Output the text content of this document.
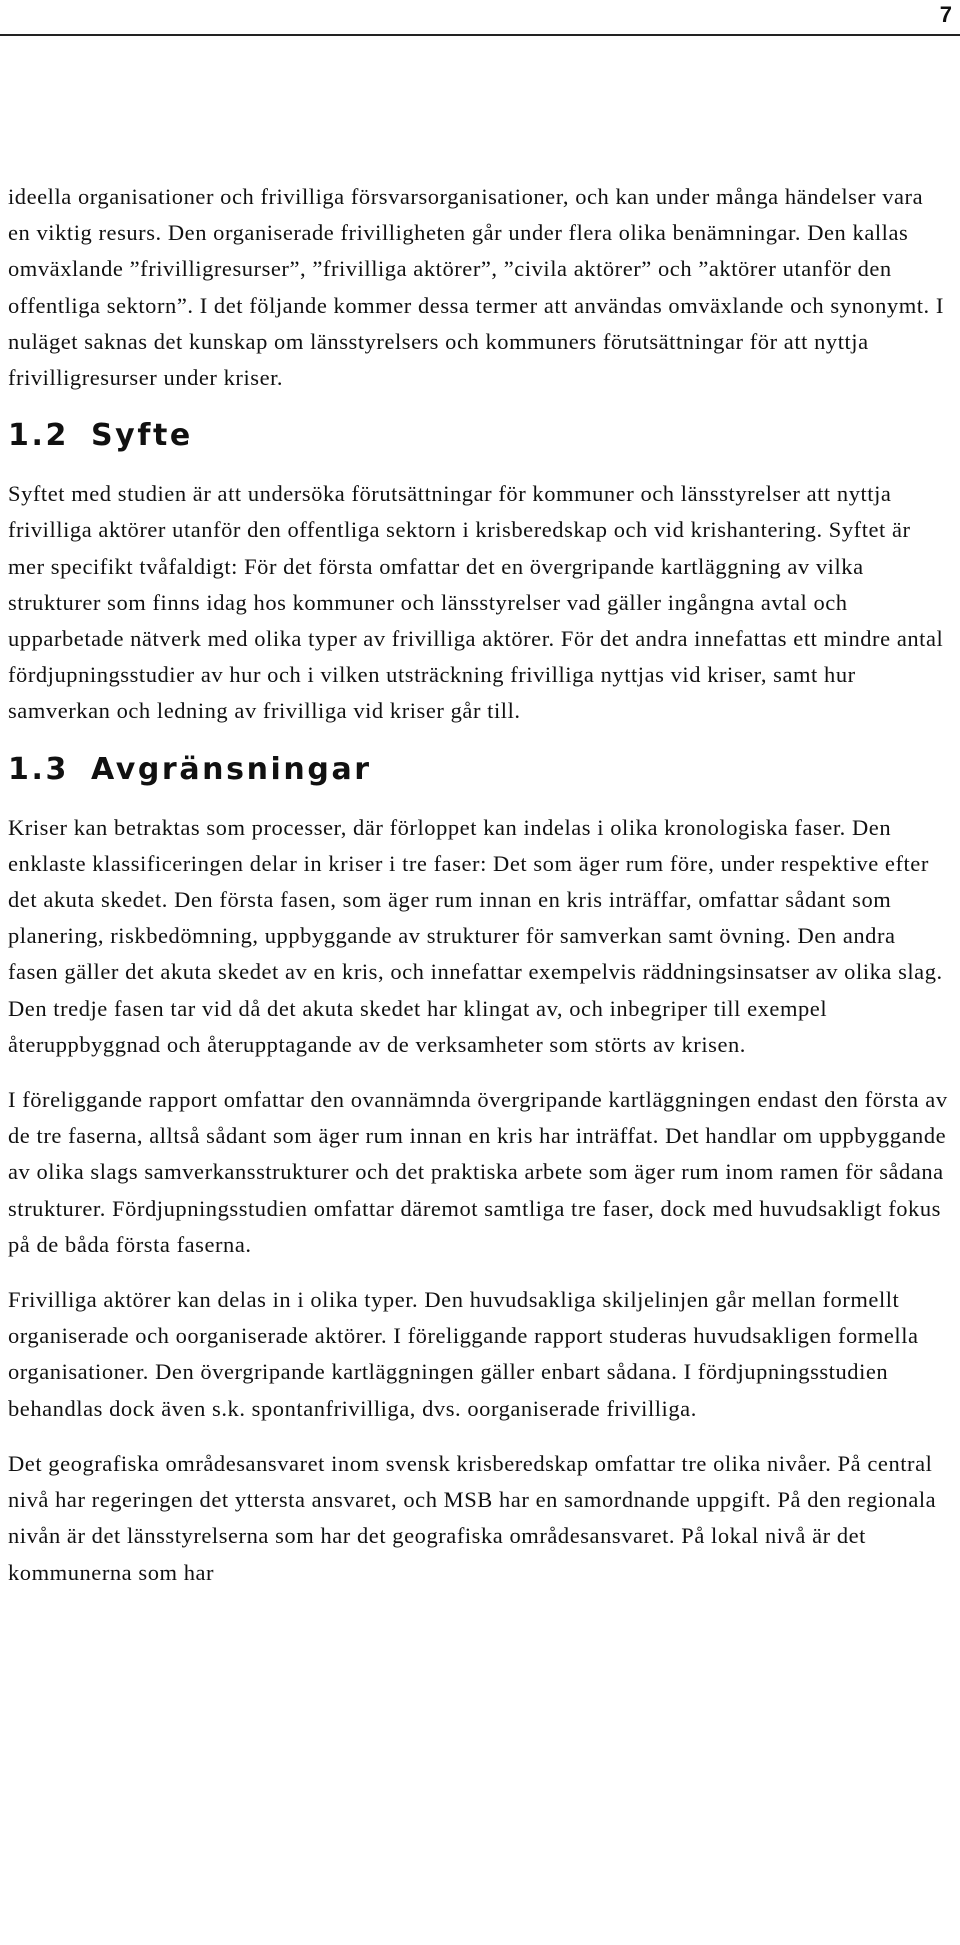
7

ideella organisationer och frivilliga försvarsorganisationer, och kan under många händelser vara en viktig resurs. Den organiserade frivilligheten går under flera olika benämningar. Den kallas omväxlande ”frivilligresurser”, ”frivilliga aktörer”, ”civila aktörer” och ”aktörer utanför den offentliga sektorn”. I det följande kommer dessa termer att användas omväxlande och synonymt. I nuläget saknas det kunskap om länsstyrelsers och kommuners förutsättningar för att nyttja frivilligresurser under kriser.

1.2 Syfte

Syftet med studien är att undersöka förutsättningar för kommuner och länsstyrelser att nyttja frivilliga aktörer utanför den offentliga sektorn i krisberedskap och vid krishantering. Syftet är mer specifikt tvåfaldigt: För det första omfattar det en övergripande kartläggning av vilka strukturer som finns idag hos kommuner och länsstyrelser vad gäller ingångna avtal och upparbetade nätverk med olika typer av frivilliga aktörer. För det andra innefattas ett mindre antal fördjupningsstudier av hur och i vilken utsträckning frivilliga nyttjas vid kriser, samt hur samverkan och ledning av frivilliga vid kriser går till.

1.3 Avgränsningar

Kriser kan betraktas som processer, där förloppet kan indelas i olika kronologiska faser. Den enklaste klassificeringen delar in kriser i tre faser: Det som äger rum före, under respektive efter det akuta skedet. Den första fasen, som äger rum innan en kris inträffar, omfattar sådant som planering, riskbedömning, uppbyggande av strukturer för samverkan samt övning. Den andra fasen gäller det akuta skedet av en kris, och innefattar exempelvis räddningsinsatser av olika slag. Den tredje fasen tar vid då det akuta skedet har klingat av, och inbegriper till exempel återuppbyggnad och återupptagande av de verksamheter som störts av krisen.

I föreliggande rapport omfattar den ovannämnda övergripande kartläggningen endast den första av de tre faserna, alltså sådant som äger rum innan en kris har inträffat. Det handlar om uppbyggande av olika slags samverkansstrukturer och det praktiska arbete som äger rum inom ramen för sådana strukturer. Fördjupningsstudien omfattar däremot samtliga tre faser, dock med huvudsakligt fokus på de båda första faserna.

Frivilliga aktörer kan delas in i olika typer. Den huvudsakliga skiljelinjen går mellan formellt organiserade och oorganiserade aktörer. I föreliggande rapport studeras huvudsakligen formella organisationer. Den övergripande kartläggningen gäller enbart sådana. I fördjupningsstudien behandlas dock även s.k. spontanfrivilliga, dvs. oorganiserade frivilliga.

Det geografiska områdesansvaret inom svensk krisberedskap omfattar tre olika nivåer. På central nivå har regeringen det yttersta ansvaret, och MSB har en samordnande uppgift. På den regionala nivån är det länsstyrelserna som har det geografiska områdesansvaret. På lokal nivå är det kommunerna som har
